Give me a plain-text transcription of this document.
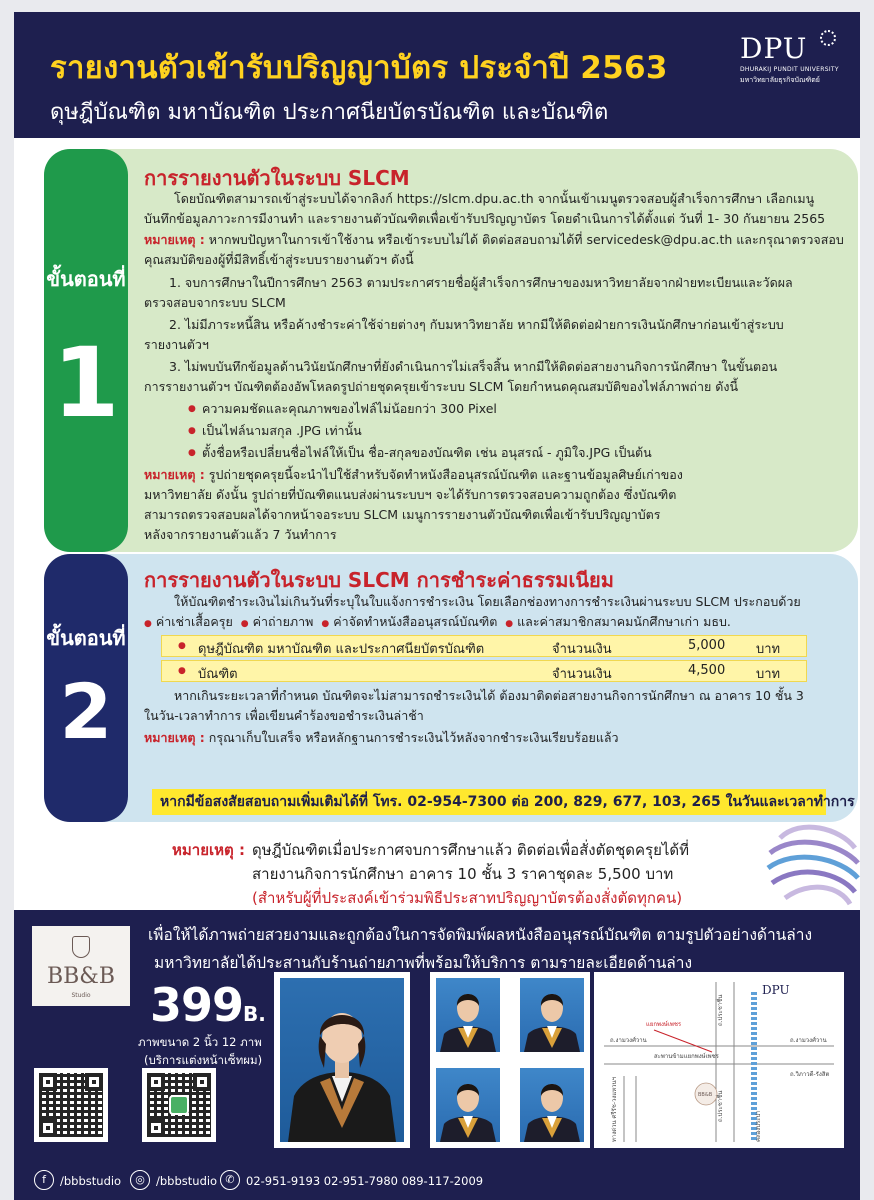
รายงานตัวเข้ารับปริญญาบัตร ประจำปี 2563
ดุษฎีบัณฑิต มหาบัณฑิต ประกาศนียบัตรบัณฑิต และบัณฑิต
DPU
DHURAKIJ PUNDIT UNIVERSITY
มหาวิทยาลัยธุรกิจบัณฑิตย์
ขั้นตอนที่
1
การรายงานตัวในระบบ SLCM
โดยบัณฑิตสามารถเข้าสู่ระบบได้จากลิงก์ https://slcm.dpu.ac.th จากนั้นเข้าเมนูตรวจสอบผู้สำเร็จการศึกษา เลือกเมนู
บันทึกข้อมูลภาวะการมีงานทำ และรายงานตัวบัณฑิตเพื่อเข้ารับปริญญาบัตร โดยดำเนินการได้ตั้งแต่ วันที่ 1- 30 กันยายน 2565
หมายเหตุ : หากพบปัญหาในการเข้าใช้งาน หรือเข้าระบบไม่ได้ ติดต่อสอบถามได้ที่ servicedesk@dpu.ac.th และกรุณาตรวจสอบ
คุณสมบัติของผู้ที่มีสิทธิ์เข้าสู่ระบบรายงานตัวฯ ดังนี้
1. จบการศึกษาในปีการศึกษา 2563 ตามประกาศรายชื่อผู้สำเร็จการศึกษาของมหาวิทยาลัยจากฝ่ายทะเบียนและวัดผล
ตรวจสอบจากระบบ SLCM
2. ไม่มีภาระหนี้สิน หรือค้างชำระค่าใช้จ่ายต่างๆ กับมหาวิทยาลัย หากมีให้ติดต่อฝ่ายการเงินนักศึกษาก่อนเข้าสู่ระบบ
รายงานตัวฯ
3. ไม่พบบันทึกข้อมูลด้านวินัยนักศึกษาที่ยังดำเนินการไม่เสร็จสิ้น หากมีให้ติดต่อสายงานกิจการนักศึกษา ในขั้นตอน
การรายงานตัวฯ บัณฑิตต้องอัพโหลดรูปถ่ายชุดครุยเข้าระบบ SLCM โดยกำหนดคุณสมบัติของไฟล์ภาพถ่าย ดังนี้
● ความคมชัดและคุณภาพของไฟล์ไม่น้อยกว่า 300 Pixel
● เป็นไฟล์นามสกุล .JPG เท่านั้น
● ตั้งชื่อหรือเปลี่ยนชื่อไฟล์ให้เป็น ชื่อ-สกุลของบัณฑิต เช่น อนุสรณ์ - ภูมิใจ.JPG เป็นต้น
หมายเหตุ : รูปถ่ายชุดครุยนี้จะนำไปใช้สำหรับจัดทำหนังสืออนุสรณ์บัณฑิต และฐานข้อมูลศิษย์เก่าของ
มหาวิทยาลัย ดังนั้น รูปถ่ายที่บัณฑิตแนบส่งผ่านระบบฯ จะได้รับการตรวจสอบความถูกต้อง ซึ่งบัณฑิต
สามารถตรวจสอบผลได้จากหน้าจอระบบ SLCM เมนูการรายงานตัวบัณฑิตเพื่อเข้ารับปริญญาบัตร
หลังจากรายงานตัวแล้ว 7 วันทำการ
ขั้นตอนที่
2
การรายงานตัวในระบบ SLCM การชำระค่าธรรมเนียม
ให้บัณฑิตชำระเงินไม่เกินวันที่ระบุในใบแจ้งการชำระเงิน โดยเลือกช่องทางการชำระเงินผ่านระบบ SLCM ประกอบด้วย
● ค่าเช่าเสื้อครุย ● ค่าถ่ายภาพ ● ค่าจัดทำหนังสืออนุสรณ์บัณฑิต ● และค่าสมาชิกสมาคมนักศึกษาเก่า มธบ.
● ดุษฎีบัณฑิต มหาบัณฑิต และประกาศนียบัตรบัณฑิต	จำนวนเงิน	5,000 บาท
● บัณฑิต	จำนวนเงิน	4,500 บาท
หากเกินระยะเวลาที่กำหนด บัณฑิตจะไม่สามารถชำระเงินได้ ต้องมาติดต่อสายงานกิจการนักศึกษา ณ อาคาร 10 ชั้น 3
ในวัน-เวลาทำการ เพื่อเขียนคำร้องขอชำระเงินล่าช้า
หมายเหตุ : กรุณาเก็บใบเสร็จ หรือหลักฐานการชำระเงินไว้หลังจากชำระเงินเรียบร้อยแล้ว
หากมีข้อสงสัยสอบถามเพิ่มเติมได้ที่ โทร. 02-954-7300 ต่อ 200, 829, 677, 103, 265 ในวันและเวลาทำการ
หมายเหตุ : ดุษฎีบัณฑิตเมื่อประกาศจบการศึกษาแล้ว ติดต่อเพื่อสั่งตัดชุดครุยได้ที่
สายงานกิจการนักศึกษา อาคาร 10 ชั้น 3 ราคาชุดละ 5,500 บาท
(สำหรับผู้ที่ประสงค์เข้าร่วมพิธีประสาทปริญญาบัตรต้องสั่งตัดทุกคน)
เพื่อให้ได้ภาพถ่ายสวยงามและถูกต้องในการจัดพิมพ์ผลหนังสืออนุสรณ์บัณฑิต ตามรูปตัวอย่างด้านล่าง
มหาวิทยาลัยได้ประสานกับร้านถ่ายภาพที่พร้อมให้บริการ ตามรายละเอียดด้านล่าง
BB&B
Studio	399B.
ภาพขนาด 2 นิ้ว 12 ภาพ
(บริการแต่งหน้าเซ็ทผม)
DPU
ถ.ประชาชื่น
ถ.งามวงศ์วาน
สะพานข้ามแยกพงษ์เพชร
แยกพงษ์เพชร
BB&B
ถ.งามวงศ์วาน
ถ.วิภาวดี-รังสิต
ถ.ประชาชื่น
ทางด่วน ศรีรัช-วงแหวนฯ	คลองประปา
f	/bbbstudio	◎ /bbbstudio ✆ 02-951-9193 02-951-7980 089-117-2009
